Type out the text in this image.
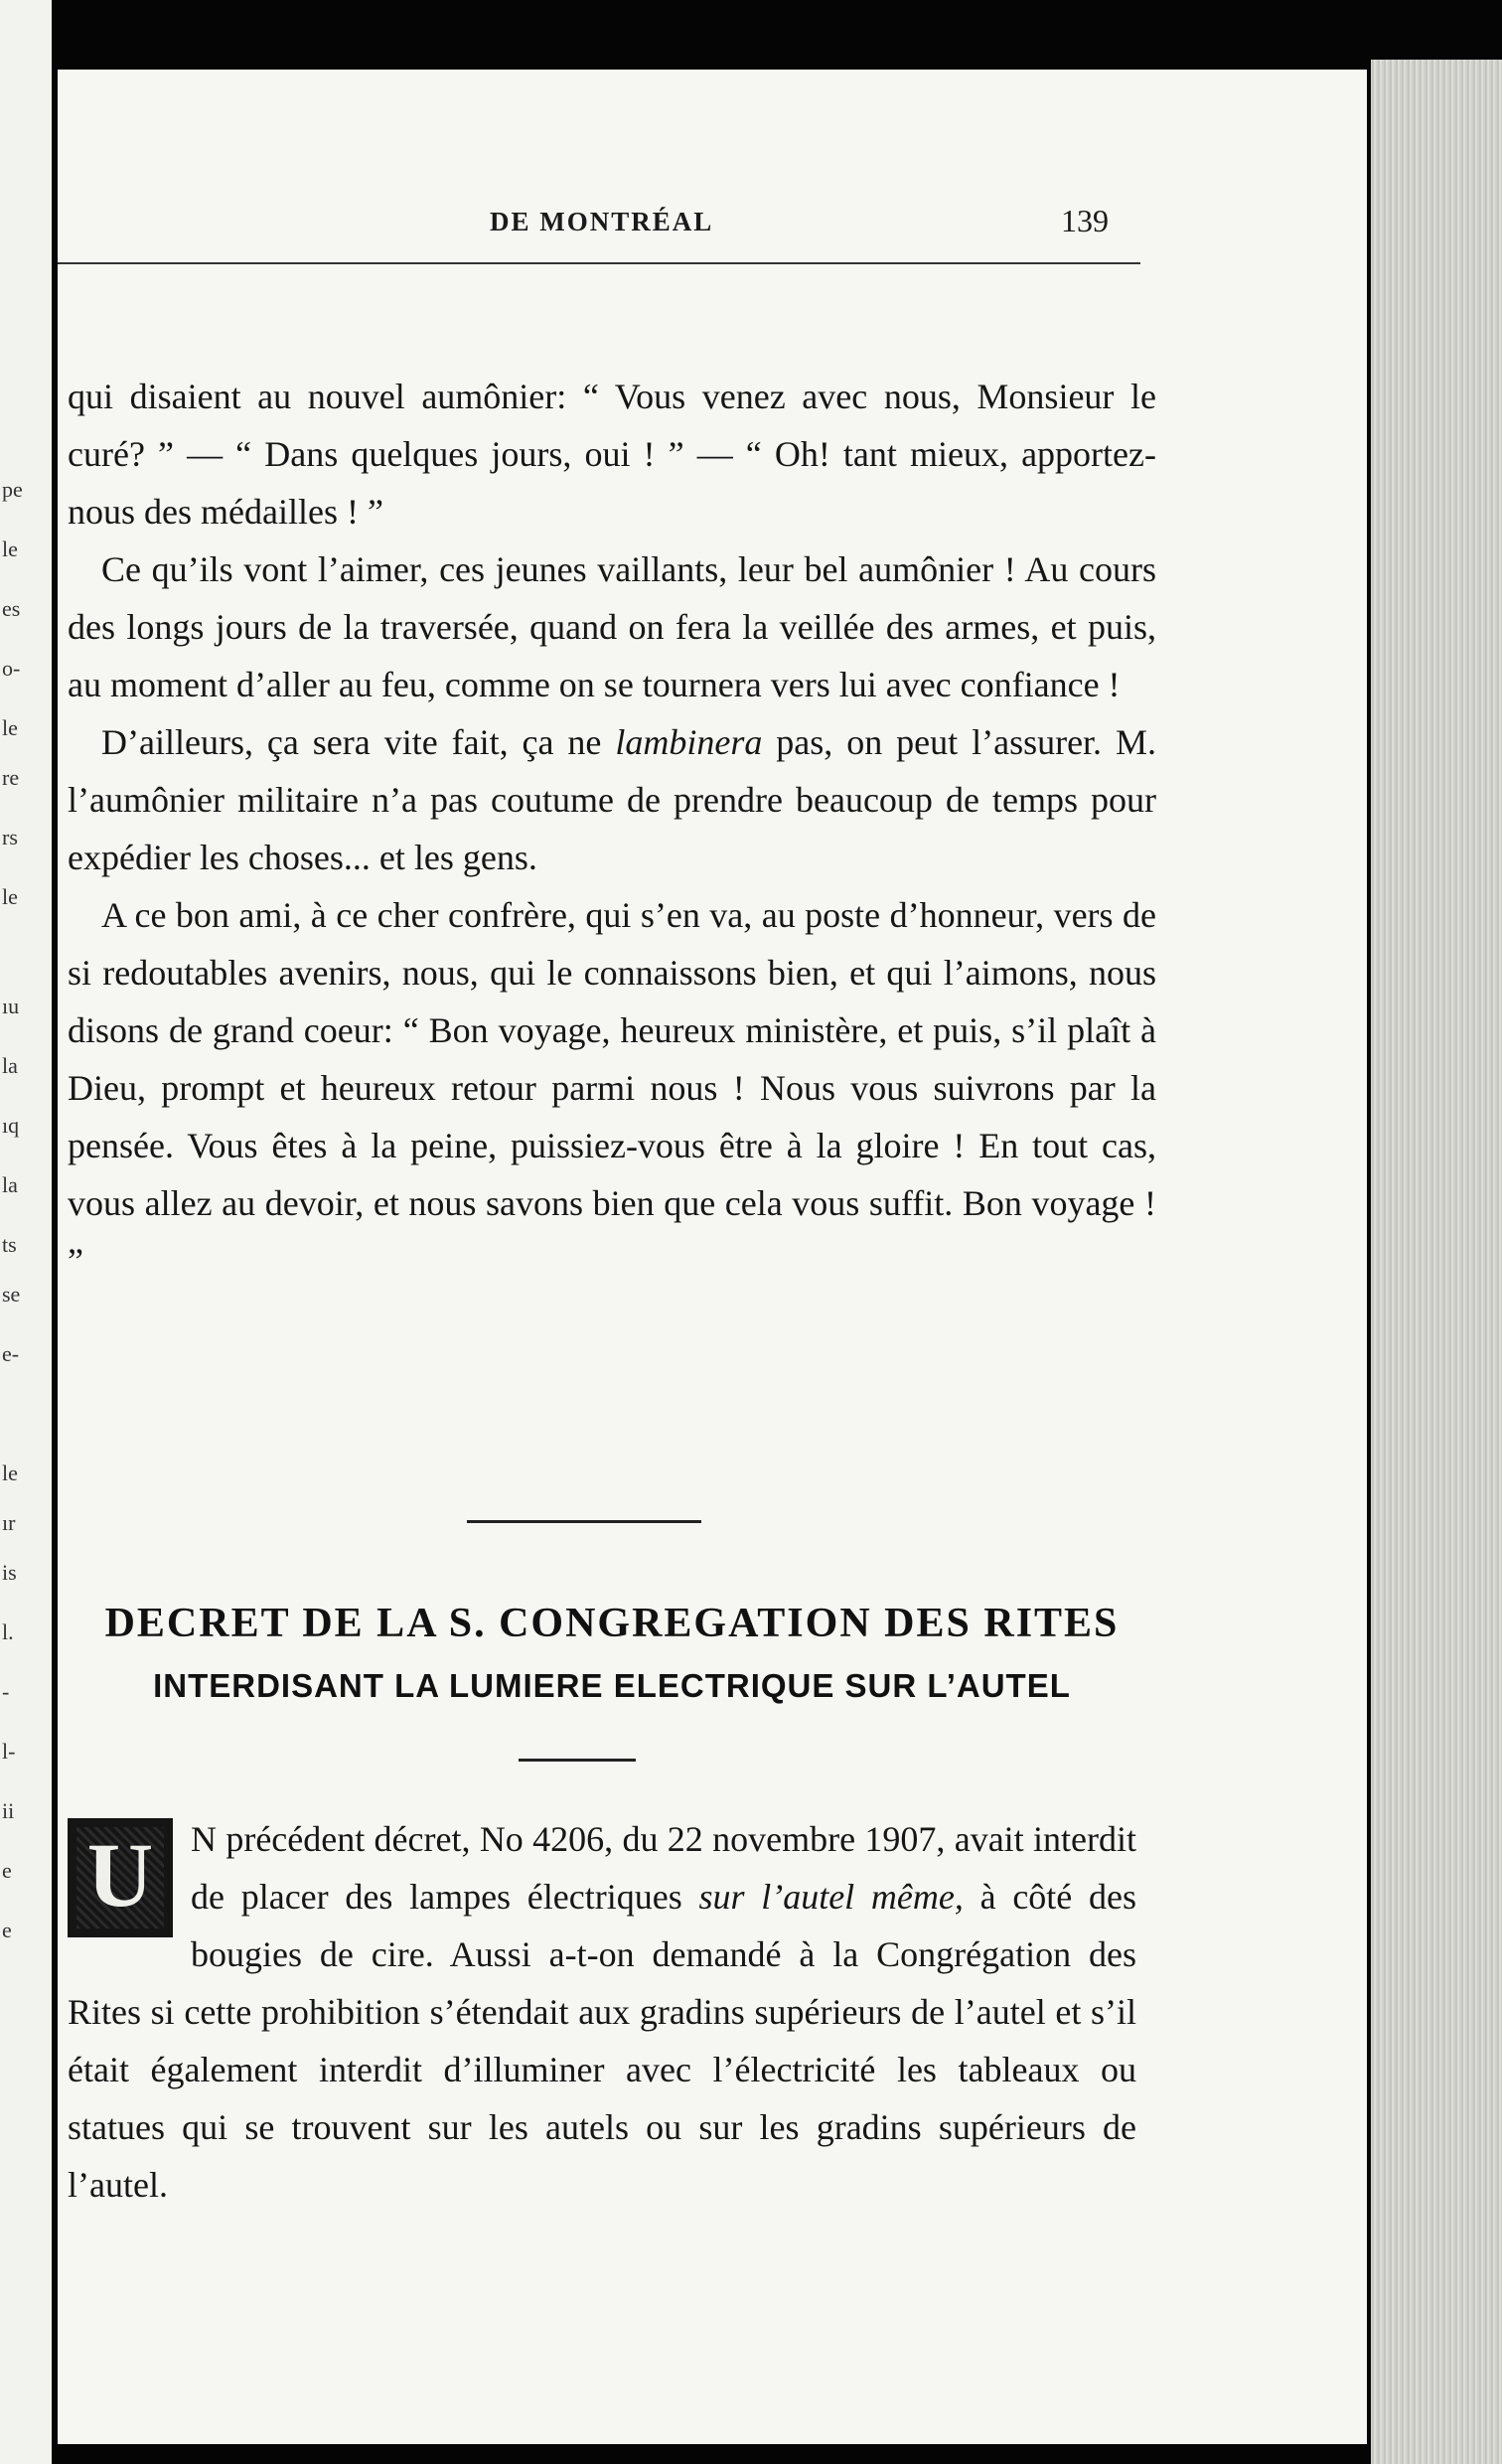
pe
le
es
o-
le
re
rs
le
ıu
la
ıq
la
ts
se
e-
le
ır
is
l.
-
l-
ii
e
e
DE MONTRÉAL	139

qui disaient au nouvel aumônier: “ Vous venez avec nous, Monsieur le curé? ” — “ Dans quelques jours, oui ! ” — “ Oh! tant mieux, apportez-nous des médailles ! ”

Ce qu’ils vont l’aimer, ces jeunes vaillants, leur bel aumônier ! Au cours des longs jours de la traversée, quand on fera la veillée des armes, et puis, au moment d’aller au feu, comme on se tournera vers lui avec confiance !

D’ailleurs, ça sera vite fait, ça ne lambinera pas, on peut l’assurer. M. l’aumônier militaire n’a pas coutume de prendre beaucoup de temps pour expédier les choses... et les gens.

A ce bon ami, à ce cher confrère, qui s’en va, au poste d’honneur, vers de si redoutables avenirs, nous, qui le connaissons bien, et qui l’aimons, nous disons de grand coeur: “ Bon voyage, heureux ministère, et puis, s’il plaît à Dieu, prompt et heureux retour parmi nous ! Nous vous suivrons par la pensée. Vous êtes à la peine, puissiez-vous être à la gloire ! En tout cas, vous allez au devoir, et nous savons bien que cela vous suffit. Bon voyage ! ”

DECRET DE LA S. CONGREGATION DES RITES
INTERDISANT LA LUMIERE ELECTRIQUE SUR L’AUTEL

U	N précédent décret, No 4206, du 22 novembre 1907, avait interdit de placer des lampes électriques sur l’autel même, à côté des bougies de cire. Aussi a-t-on demandé à la Congrégation des Rites si cette prohibition s’étendait aux gradins supérieurs de l’autel et s’il était également interdit d’illuminer avec l’électricité les tableaux ou statues qui se trouvent sur les autels ou sur les gradins supérieurs de l’autel.
